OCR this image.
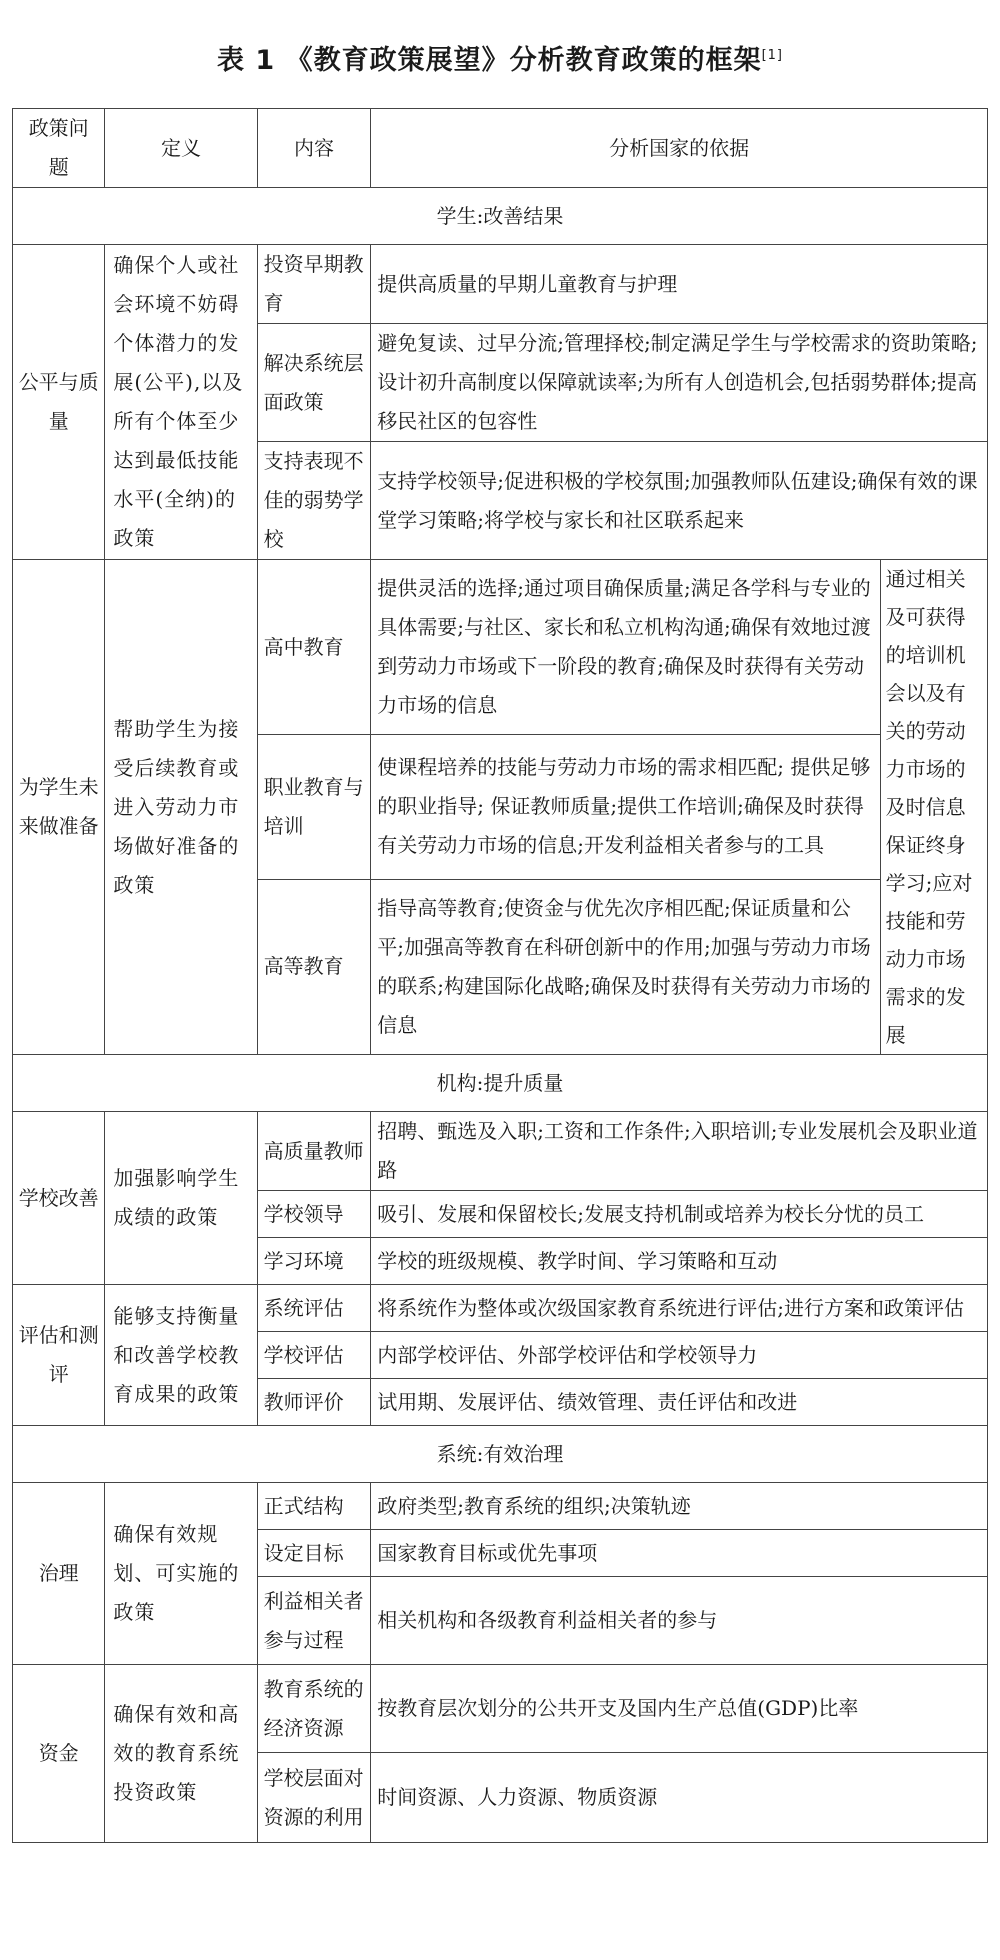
表 1 《教育政策展望》分析教育政策的框架[1]
政策问题	定义	内容	分析国家的依据	
学生:改善结果				
公平与质量	确保个人或社会环境不妨碍个体潜力的发展(公平),以及所有个体至少达到最低技能水平(全纳)的政策	投资早期教育	提供高质量的早期儿童教育与护理	
		解决系统层面政策	避免复读、过早分流;管理择校;制定满足学生与学校需求的资助策略;设计初升高制度以保障就读率;为所有人创造机会,包括弱势群体;提高移民社区的包容性	
		支持表现不佳的弱势学校	支持学校领导;促进积极的学校氛围;加强教师队伍建设;确保有效的课堂学习策略;将学校与家长和社区联系起来	
为学生未来做准备	帮助学生为接受后续教育或进入劳动力市场做好准备的政策	高中教育	提供灵活的选择;通过项目确保质量;满足各学科与专业的具体需要;与社区、家长和私立机构沟通;确保有效地过渡到劳动力市场或下一阶段的教育;确保及时获得有关劳动力市场的信息	通过相关及可获得的培训机会以及有关的劳动力市场的及时信息保证终身学习;应对技能和劳动力市场需求的发展
		职业教育与培训	使课程培养的技能与劳动力市场的需求相匹配; 提供足够的职业指导; 保证教师质量;提供工作培训;确保及时获得有关劳动力市场的信息;开发利益相关者参与的工具	
		高等教育	指导高等教育;使资金与优先次序相匹配;保证质量和公平;加强高等教育在科研创新中的作用;加强与劳动力市场的联系;构建国际化战略;确保及时获得有关劳动力市场的信息	
机构:提升质量				
学校改善	加强影响学生成绩的政策	高质量教师	招聘、甄选及入职;工资和工作条件;入职培训;专业发展机会及职业道路	
		学校领导	吸引、发展和保留校长;发展支持机制或培养为校长分忧的员工	
		学习环境	学校的班级规模、教学时间、学习策略和互动	
评估和测评	能够支持衡量和改善学校教育成果的政策	系统评估	将系统作为整体或次级国家教育系统进行评估;进行方案和政策评估	
		学校评估	内部学校评估、外部学校评估和学校领导力	
		教师评价	试用期、发展评估、绩效管理、责任评估和改进	
系统:有效治理				
治理	确保有效规划、可实施的政策	正式结构	政府类型;教育系统的组织;决策轨迹	
		设定目标	国家教育目标或优先事项	
		利益相关者参与过程	相关机构和各级教育利益相关者的参与	
资金	确保有效和高效的教育系统投资政策	教育系统的经济资源	按教育层次划分的公共开支及国内生产总值(GDP)比率	
		学校层面对资源的利用	时间资源、人力资源、物质资源	
